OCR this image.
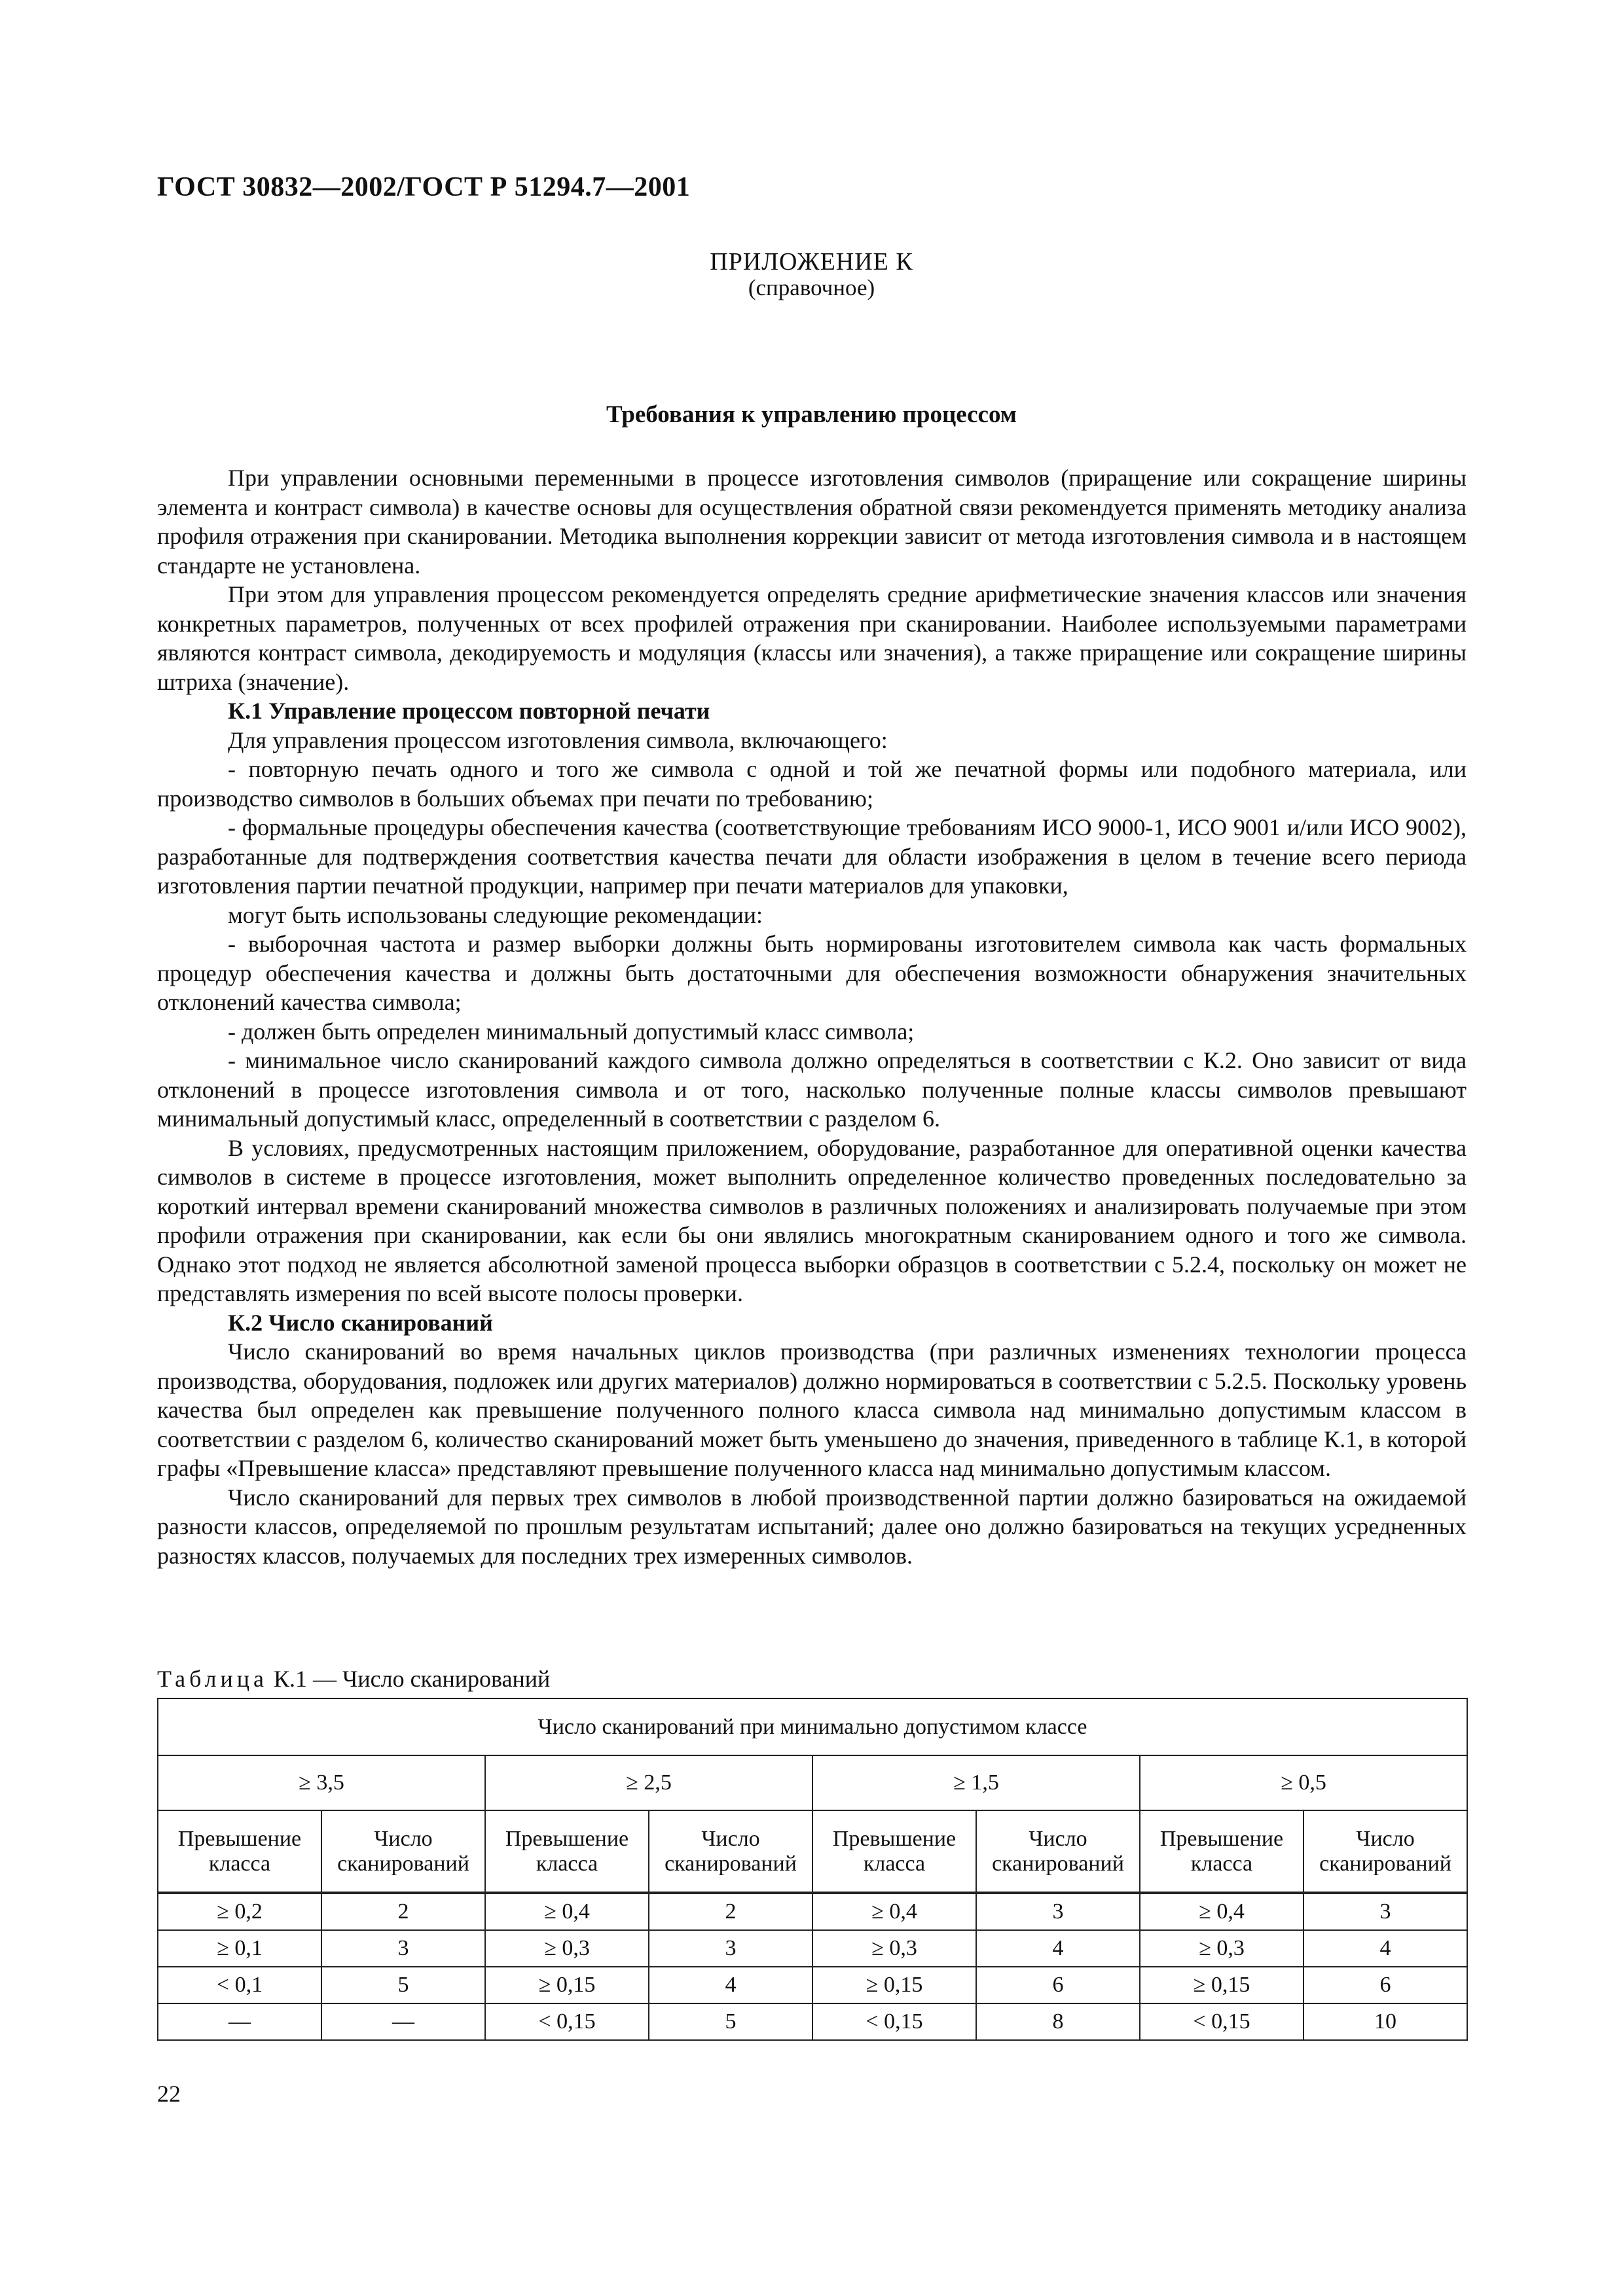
ГОСТ 30832—2002/ГОСТ Р 51294.7—2001
ПРИЛОЖЕНИЕ К
(справочное)
Требования к управлению процессом

При управлении основными переменными в процессе изготовления символов (приращение или сокращение ширины элемента и контраст символа) в качестве основы для осуществления обратной связи рекомендуется применять методику анализа профиля отражения при сканировании. Методика выполнения коррекции зависит от метода изготовления символа и в настоящем стандарте не установлена.

При этом для управления процессом рекомендуется определять средние арифметические значения классов или значения конкретных параметров, полученных от всех профилей отражения при сканировании. Наиболее используемыми параметрами являются контраст символа, декодируемость и модуляция (классы или значения), а также приращение или сокращение ширины штриха (значение).

К.1 Управление процессом повторной печати

Для управления процессом изготовления символа, включающего:

- повторную печать одного и того же символа с одной и той же печатной формы или подобного материала, или производство символов в больших объемах при печати по требованию;

- формальные процедуры обеспечения качества (соответствующие требованиям ИСО 9000-1, ИСО 9001 и/или ИСО 9002), разработанные для подтверждения соответствия качества печати для области изображения в целом в течение всего периода изготовления партии печатной продукции, например при печати материалов для упаковки,

могут быть использованы следующие рекомендации:

- выборочная частота и размер выборки должны быть нормированы изготовителем символа как часть формальных процедур обеспечения качества и должны быть достаточными для обеспечения возможности обнаружения значительных отклонений качества символа;

- должен быть определен минимальный допустимый класс символа;

- минимальное число сканирований каждого символа должно определяться в соответствии с К.2. Оно зависит от вида отклонений в процессе изготовления символа и от того, насколько полученные полные классы символов превышают минимальный допустимый класс, определенный в соответствии с разделом 6.

В условиях, предусмотренных настоящим приложением, оборудование, разработанное для оперативной оценки качества символов в системе в процессе изготовления, может выполнить определенное количество проведенных последовательно за короткий интервал времени сканирований множества символов в различных положениях и анализировать получаемые при этом профили отражения при сканировании, как если бы они являлись многократным сканированием одного и того же символа. Однако этот подход не является абсолютной заменой процесса выборки образцов в соответствии с 5.2.4, поскольку он может не представлять измерения по всей высоте полосы проверки.

К.2 Число сканирований

Число сканирований во время начальных циклов производства (при различных изменениях технологии процесса производства, оборудования, подложек или других материалов) должно нормироваться в соответствии с 5.2.5. Поскольку уровень качества был определен как превышение полученного полного класса символа над минимально допустимым классом в соответствии с разделом 6, количество сканирований может быть уменьшено до значения, приведенного в таблице К.1, в которой графы «Превышение класса» представляют превышение полученного класса над минимально допустимым классом.

Число сканирований для первых трех символов в любой производственной партии должно базироваться на ожидаемой разности классов, определяемой по прошлым результатам испытаний; далее оно должно базироваться на текущих усредненных разностях классов, получаемых для последних трех измеренных символов.

Таблица К.1 — Число сканирований
Число сканирований при минимально допустимом классе							
≥ 3,5		≥ 2,5		≥ 1,5		≥ 0,5	
Превышение класса	Число сканирований	Превышение класса	Число сканирований	Превышение класса	Число сканирований	Превышение класса	Число сканирований
≥ 0,2	2	≥ 0,4	2	≥ 0,4	3	≥ 0,4	3
≥ 0,1	3	≥ 0,3	3	≥ 0,3	4	≥ 0,3	4
< 0,1	5	≥ 0,15	4	≥ 0,15	6	≥ 0,15	6
—	—	< 0,15	5	< 0,15	8	< 0,15	10
22
